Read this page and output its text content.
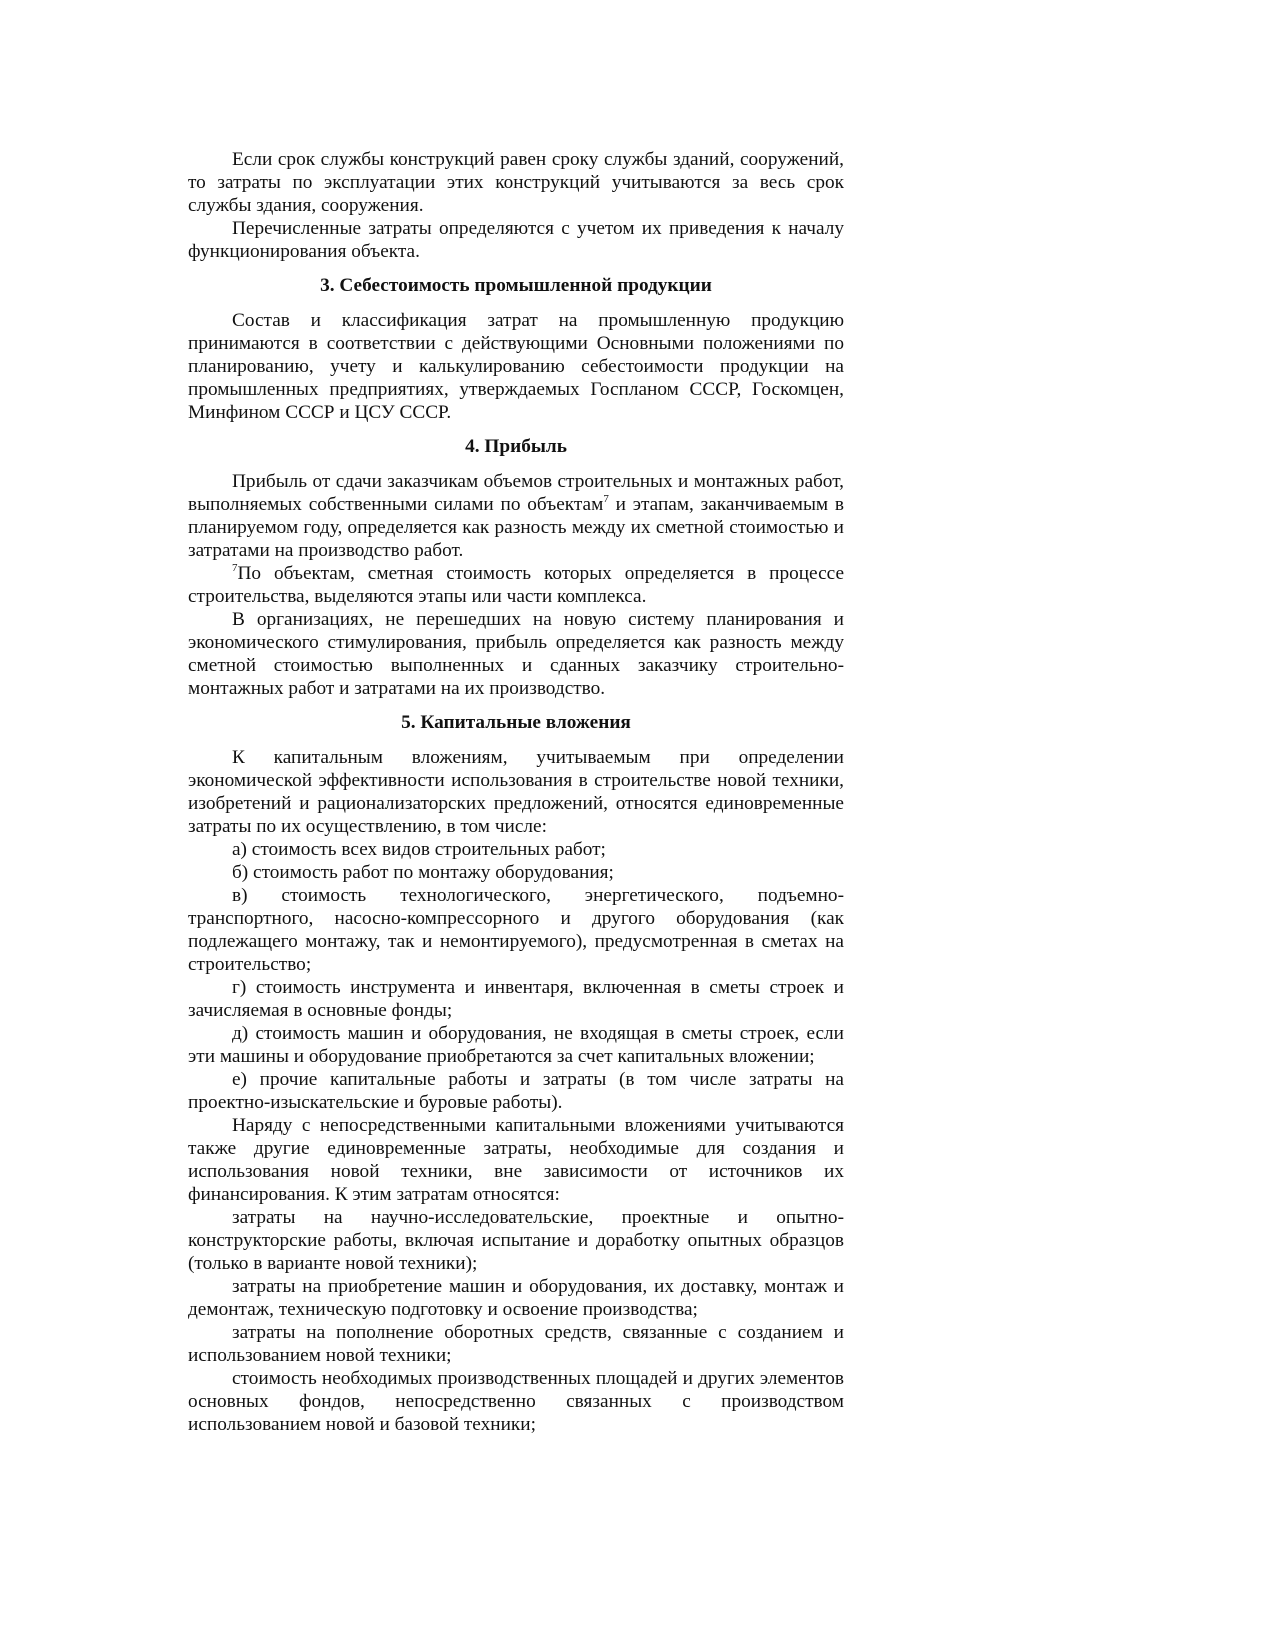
Если срок службы конструкций равен сроку службы зданий, сооружений, то затраты по эксплуатации этих конструкций учитываются за весь срок службы здания, сооружения.

Перечисленные затраты определяются с учетом их приведения к началу функционирования объекта.

3. Себестоимость промышленной продукции

Состав и классификация затрат на промышленную продукцию принимаются в соответствии с действующими Основными положениями по планированию, учету и калькулированию себестоимости продукции на промышленных предприятиях, утверждаемых Госпланом СССР, Госкомцен, Минфином СССР и ЦСУ СССР.

4. Прибыль

Прибыль от сдачи заказчикам объемов строительных и монтажных работ, выполняемых собственными силами по объектам$^7$ и этапам, заканчиваемым в планируемом году, определяется как разность между их сметной стоимостью и затратами на производство работ.

$^7$По объектам, сметная стоимость которых определяется в процессе строительства, выделяются этапы или части комплекса.

В организациях, не перешедших на новую систему планирования и экономического стимулирования, прибыль определяется как разность между сметной стоимостью выполненных и сданных заказчику строительно-монтажных работ и затратами на их производство.

5. Капитальные вложения

К капитальным вложениям, учитываемым при определении экономической эффективности использования в строительстве новой техники, изобретений и рационализаторских предложений, относятся единовременные затраты по их осуществлению, в том числе:

а) стоимость всех видов строительных работ;

б) стоимость работ по монтажу оборудования;

в) стоимость технологического, энергетического, подъемно-транспортного, насосно-компрессорного и другого оборудования (как подлежащего монтажу, так и немонтируемого), предусмотренная в сметах на строительство;

г) стоимость инструмента и инвентаря, включенная в сметы строек и зачисляемая в основные фонды;

д) стоимость машин и оборудования, не входящая в сметы строек, если эти машины и оборудование приобретаются за счет капитальных вложении;

е) прочие капитальные работы и затраты (в том числе затраты на проектно-изыскательские и буровые работы).

Наряду с непосредственными капитальными вложениями учитываются также другие единовременные затраты, необходимые для создания и использования новой техники, вне зависимости от источников их финансирования. К этим затратам относятся:

затраты на научно-исследовательские, проектные и опытно-конструкторские работы, включая испытание и доработку опытных образцов (только в варианте новой техники);

затраты на приобретение машин и оборудования, их доставку, монтаж и демонтаж, техническую подготовку и освоение производства;

затраты на пополнение оборотных средств, связанные с созданием и использованием новой техники;

стоимость необходимых производственных площадей и других элементов основных фондов, непосредственно связанных с производством использованием новой и базовой техники;
